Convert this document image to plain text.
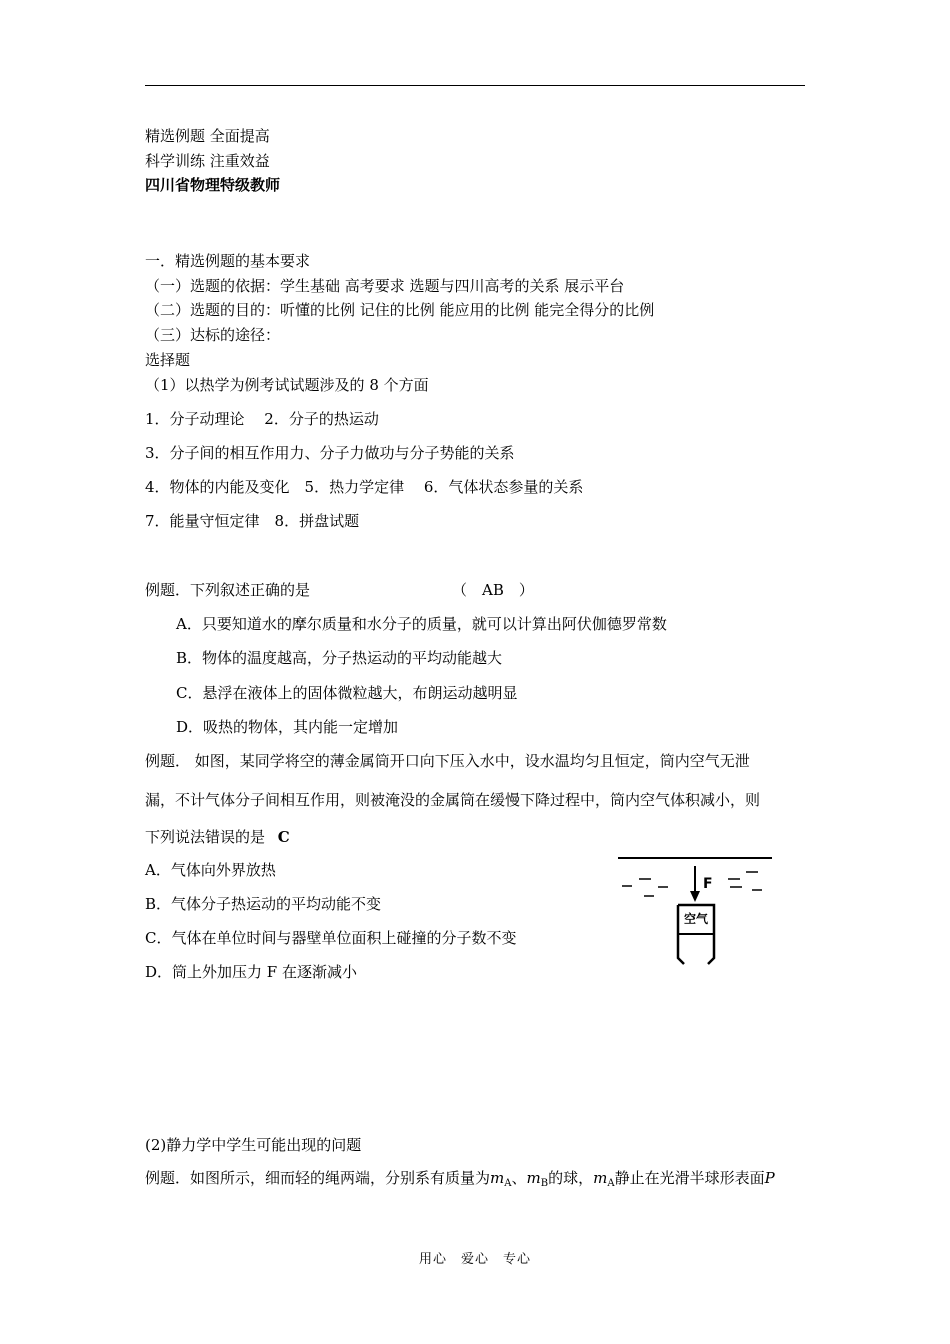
精选例题 全面提高
科学训练 注重效益
四川省物理特级教师
一．精选例题的基本要求
（一）选题的依据：学生基础 高考要求 选题与四川高考的关系 展示平台
（二）选题的目的：听懂的比例 记住的比例 能应用的比例 能完全得分的比例
（三）达标的途径：
选择题
（1）以热学为例考试试题涉及的 8 个方面
1．分子动理论　 2．分子的热运动
3．分子间的相互作用力、分子力做功与分子势能的关系
4．物体的内能及变化　5．热力学定律　 6．气体状态参量的关系
7．能量守恒定律　8．拼盘试题
例题．下列叙述正确的是	（　AB　）
A．只要知道水的摩尔质量和水分子的质量，就可以计算出阿伏伽德罗常数
B．物体的温度越高，分子热运动的平均动能越大
C．悬浮在液体上的固体微粒越大，布朗运动越明显
D．吸热的物体，其内能一定增加
例题． 如图，某同学将空的薄金属筒开口向下压入水中，设水温均匀且恒定，筒内空气无泄
漏，不计气体分子间相互作用，则被淹没的金属筒在缓慢下降过程中，筒内空气体积减小，则
下列说法错误的是 C
A．气体向外界放热
B．气体分子热运动的平均动能不变
C．气体在单位时间与器壁单位面积上碰撞的分子数不变
D．筒上外加压力 F 在逐渐减小
F
空气
(2)静力学中学生可能出现的问题
例题．如图所示，细而轻的绳两端，分别系有质量为$m_A$、$m_B$的球，$m_A$静止在光滑半球形表面P
用心　爱心　专心
